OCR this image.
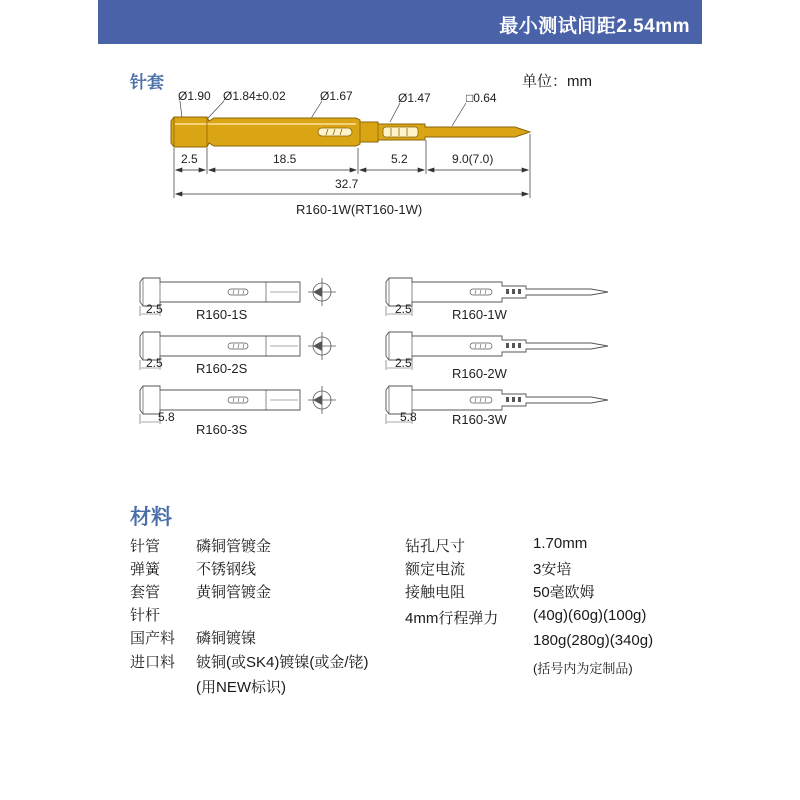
最小测试间距2.54mm
针套	单位：mm
Ø1.90 Ø1.84±0.02	Ø1.67	Ø1.47	□0.64
2.5	18.5	5.2	9.0(7.0)
32.7
R160-1W(RT160-1W)
2.5	R160-1S
2.5	R160-2S
5.8
R160-3S
2.5	R160-1W
2.5
R160-2W
5.8	R160-3W
材料
针管 磷铜管镀金
弹簧 不锈钢线
套管 黄铜管镀金
针杆
国产料 磷铜镀镍
进口料 铍铜(或SK4)镀镍(或金/铑)
(用NEW标识)
钻孔尺寸	1.70mm
额定电流	3安培
接触电阻	50毫欧姆
4mm行程弹力 (40g)(60g)(100g)
180g(280g)(340g)
(括号内为定制品)
